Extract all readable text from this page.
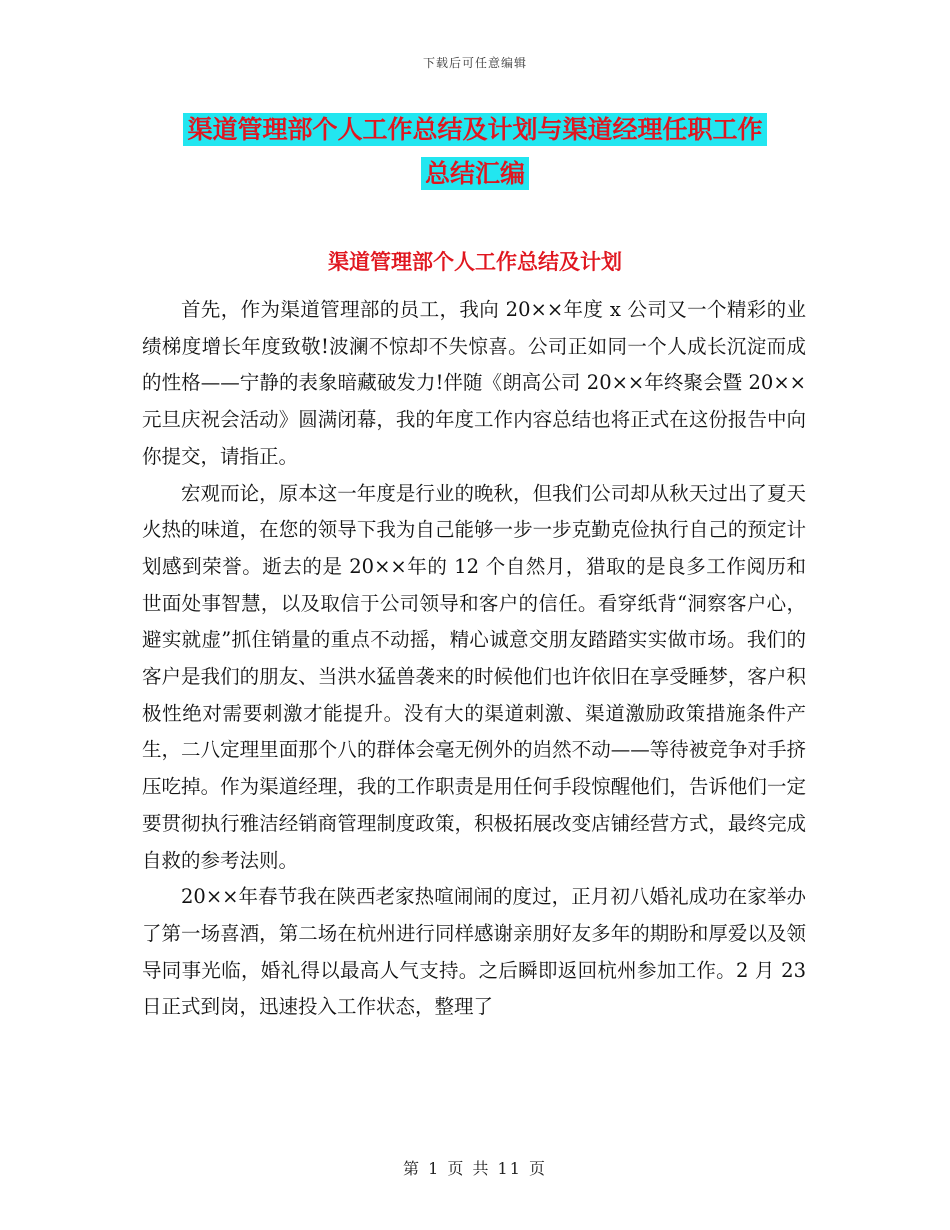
下载后可任意编辑
渠道管理部个人工作总结及计划与渠道经理任职工作
总结汇编
渠道管理部个人工作总结及计划

首先，作为渠道管理部的员工，我向 20××年度 x 公司又一个精彩的业绩梯度增长年度致敬!波澜不惊却不失惊喜。公司正如同一个人成长沉淀而成的性格——宁静的表象暗藏破发力!伴随《朗高公司 20××年终聚会暨 20××元旦庆祝会活动》圆满闭幕，我的年度工作内容总结也将正式在这份报告中向你提交，请指正。

宏观而论，原本这一年度是行业的晚秋，但我们公司却从秋天过出了夏天火热的味道，在您的领导下我为自己能够一步一步克勤克俭执行自己的预定计划感到荣誉。逝去的是 20××年的 12 个自然月，猎取的是良多工作阅历和世面处事智慧，以及取信于公司领导和客户的信任。看穿纸背“洞察客户心，避实就虚”抓住销量的重点不动摇，精心诚意交朋友踏踏实实做市场。我们的客户是我们的朋友、当洪水猛兽袭来的时候他们也许依旧在享受睡梦，客户积极性绝对需要刺激才能提升。没有大的渠道刺激、渠道激励政策措施条件产生，二八定理里面那个八的群体会毫无例外的岿然不动——等待被竞争对手挤压吃掉。作为渠道经理，我的工作职责是用任何手段惊醒他们，告诉他们一定要贯彻执行雅洁经销商管理制度政策，积极拓展改变店铺经营方式，最终完成自救的参考法则。

20××年春节我在陕西老家热喧闹闹的度过，正月初八婚礼成功在家举办了第一场喜酒，第二场在杭州进行同样感谢亲朋好友多年的期盼和厚爱以及领导同事光临，婚礼得以最高人气支持。之后瞬即返回杭州参加工作。2 月 23 日正式到岗，迅速投入工作状态，整理了

第 1 页 共 11 页
